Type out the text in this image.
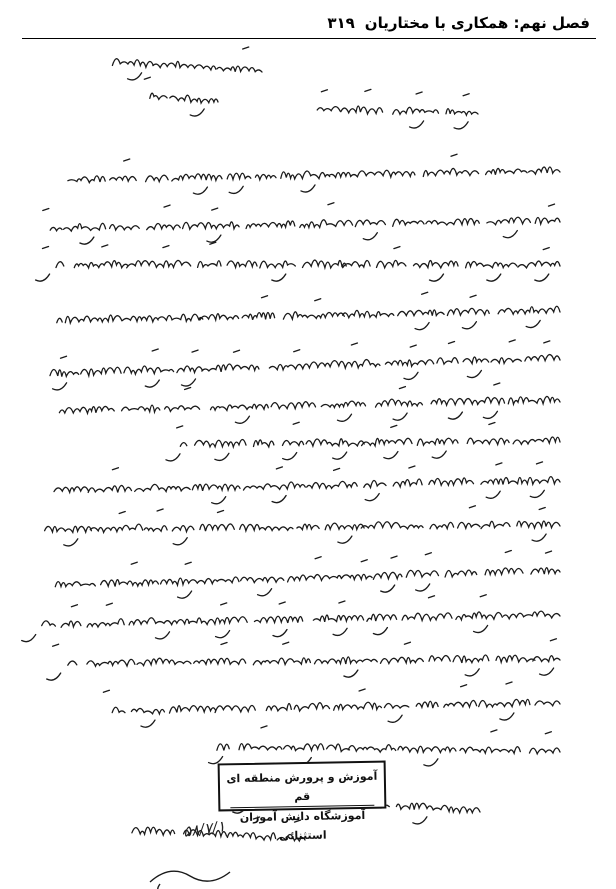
فصل نهم: همکاری با مختاریان
۳۱۹
آموزش و پرورش منطقه ای قم
آموزشگاه دانش آموزان استثنائی
۵۸/۷/۱
